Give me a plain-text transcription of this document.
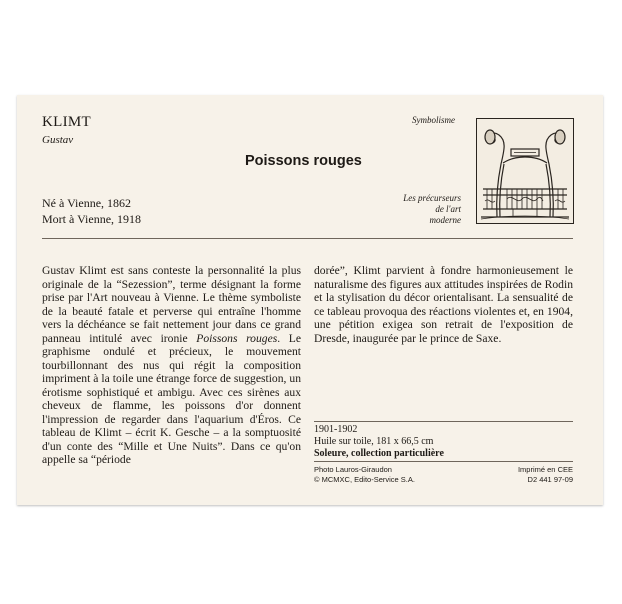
KLIMT
Gustav
Symbolisme
Poissons rouges
Né à Vienne, 1862
Mort à Vienne, 1918
Les précurseurs
de l'art
moderne

Gustav Klimt est sans conteste la personnalité la plus originale de la “Sezession”, terme désignant la forme prise par l'Art nouveau à Vienne. Le thème symboliste de la beauté fatale et perverse qui entraîne l'homme vers la déchéance se fait nettement jour dans ce grand panneau intitulé avec ironie Poissons rouges. Le graphisme ondulé et précieux, le mouvement tourbillonnant des nus qui régit la composition impriment à la toile une étrange force de suggestion, un érotisme sophistiqué et ambigu. Avec ces sirènes aux cheveux de flamme, les poissons d'or donnent l'impression de regarder dans l'aquarium d'Éros. Ce tableau de Klimt – écrit K. Gesche – a la somptuosité d'un conte des “Mille et Une Nuits”. Dans ce qu'on appelle sa “période

dorée”, Klimt parvient à fondre harmonieusement le naturalisme des figures aux attitudes inspirées de Rodin et la stylisation du décor orientalisant. La sensualité de ce tableau provoqua des réactions violentes et, en 1904, une pétition exigea son retrait de l'exposition de Dresde, inaugurée par le prince de Saxe.

1901-1902
Huile sur toile, 181 x 66,5 cm
Soleure, collection particulière
Photo Lauros-Giraudon
© MCMXC, Edito-Service S.A.
Imprimé en CEE
D2 441 97-09
